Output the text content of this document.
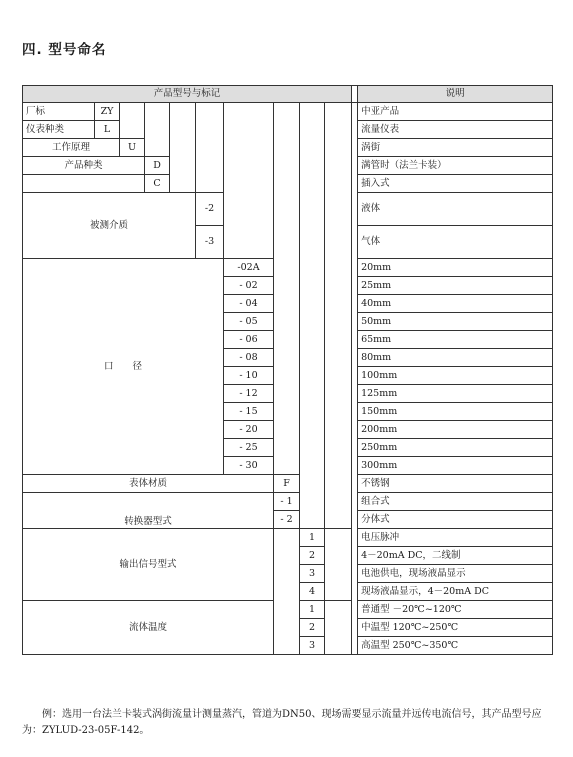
四. 型号命名
产品型号与标记											说明
厂标	ZY										中亚产品
仪表种类	L										流量仪表
工作原理		U									涡街
产品种类			D								满管时（法兰卡装）
			C								插入式
被测介质					-2						液体
					-3						气体
口　　径						-02A					20mm
						- 02					25mm
						- 04					40mm
						- 05					50mm
						- 06					65mm
						- 08					80mm
						- 10					100mm
						- 12					125mm
						- 15					150mm
						- 20					200mm
						- 25					250mm
						- 30					300mm
表体材质							F				不锈钢
转换器型式							- 1				组合式
							- 2				分体式
输出信号型式								1			电压脉冲
								2			4－20mA DC，二线制
								3			电池供电，现场液晶显示
								4			现场液晶显示，4－20mA DC
流体温度								1			普通型 －20℃~120℃
								2			中温型 120℃~250℃
								3			高温型 250℃~350℃

例：选用一台法兰卡装式涡街流量计测量蒸汽，管道为DN50、现场需要显示流量并远传电流信号，其产品型号应为：ZYLUD-23-05F-142。
